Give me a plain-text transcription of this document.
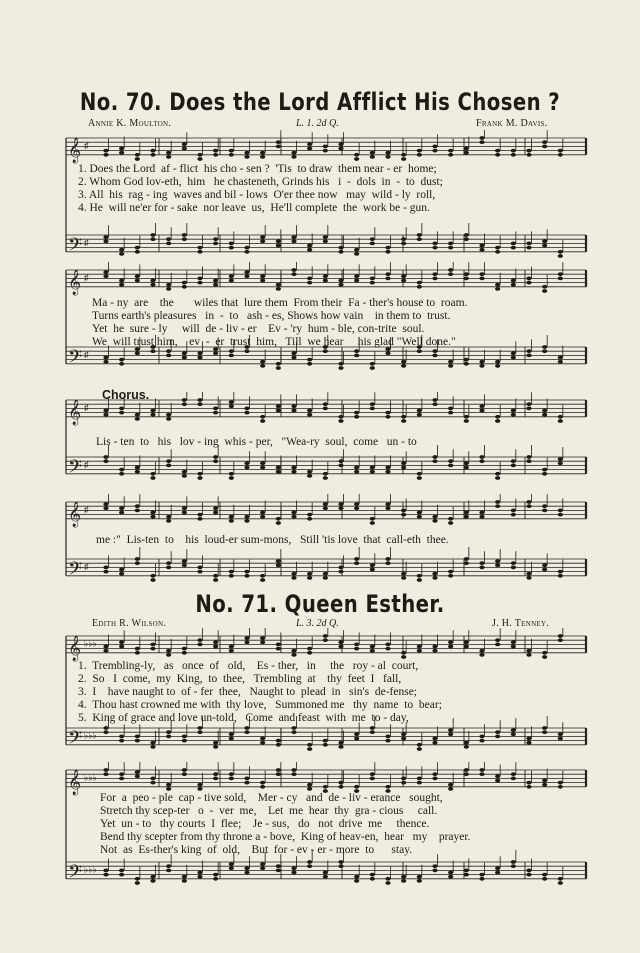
No. 70. Does the Lord Afflict His Chosen ?
Annie K. Moulton.	L. 1. 2d Q.	Frank M. Davis.
𝄞 ♯
𝄢 ♯
1. Does the Lord  af - flict  his cho - sen ?  'Tis  to draw  them near - er  home;
2. Whom God lov-eth,  him   he chasteneth, Grinds his   i  -  dols  in  -  to  dust;
3. All  his  rag - ing  waves and bil - lows  O'er thee now   may  wild - ly  roll,
4. He  will ne'er for - sake  nor leave  us,  He'll complete  the  work be - gun.
𝄞 ♯
𝄢 ♯
Ma - ny  are    the       wiles that  lure them  From their  Fa - ther's house to  roam.
Turns earth's pleasures   in  -  to   ash - es, Shows how vain    in them to  trust.
Yet  he  sure - ly     will  de - liv - er    Ev - 'ry  hum - ble, con-trite  soul.
We  will trust him,    ev  -  er  trust  him,   Till  we hear     his glad "Well done."
Chorus.
𝄞 ♯
𝄢 ♯
Lis - ten  to   his   lov - ing  whis - per,   "Wea-ry  soul,  come   un - to
𝄞 ♯
𝄢 ♯
me :"  Lis-ten  to    his  loud-er sum-mons,   Still 'tis love  that  call-eth  thee.
No. 71. Queen Esther.
Edith R. Wilson.	L. 3. 2d Q.	J. H. Tenney.
𝄞 ♭♭♭
𝄢 ♭♭♭
1.  Trembling-ly,   as   once  of   old,    Es - ther,   in     the   roy - al  court,
2.  So   I  come,  my  King,  to  thee,   Trembling  at    thy  feet  I   fall,
3.  I    have naught to  of - fer  thee,   Naught to  plead  in   sin's  de-fense;
4.  Thou hast crowned me with  thy love,   Summoned me   thy  name  to  bear;
5.  King of grace and love un-told,   Come  and feast  with  me  to - day,
𝄞 ♭♭♭
𝄢 ♭♭♭
For  a  peo - ple  cap - tive sold,    Mer - cy   and  de - liv - erance   sought,
Stretch thy scep-ter   o  -  ver  me,    Let  me  hear  thy  gra - cious     call.
Yet  un - to   thy courts  I  flee;    Je - sus,   do   not  drive  me     thence.
Bend thy scepter from thy throne a - bove,  King of heav-en,  hear   my    prayer.
Not  as  Es-ther's king  of  old,    But  for - ev - er - more  to      stay.
